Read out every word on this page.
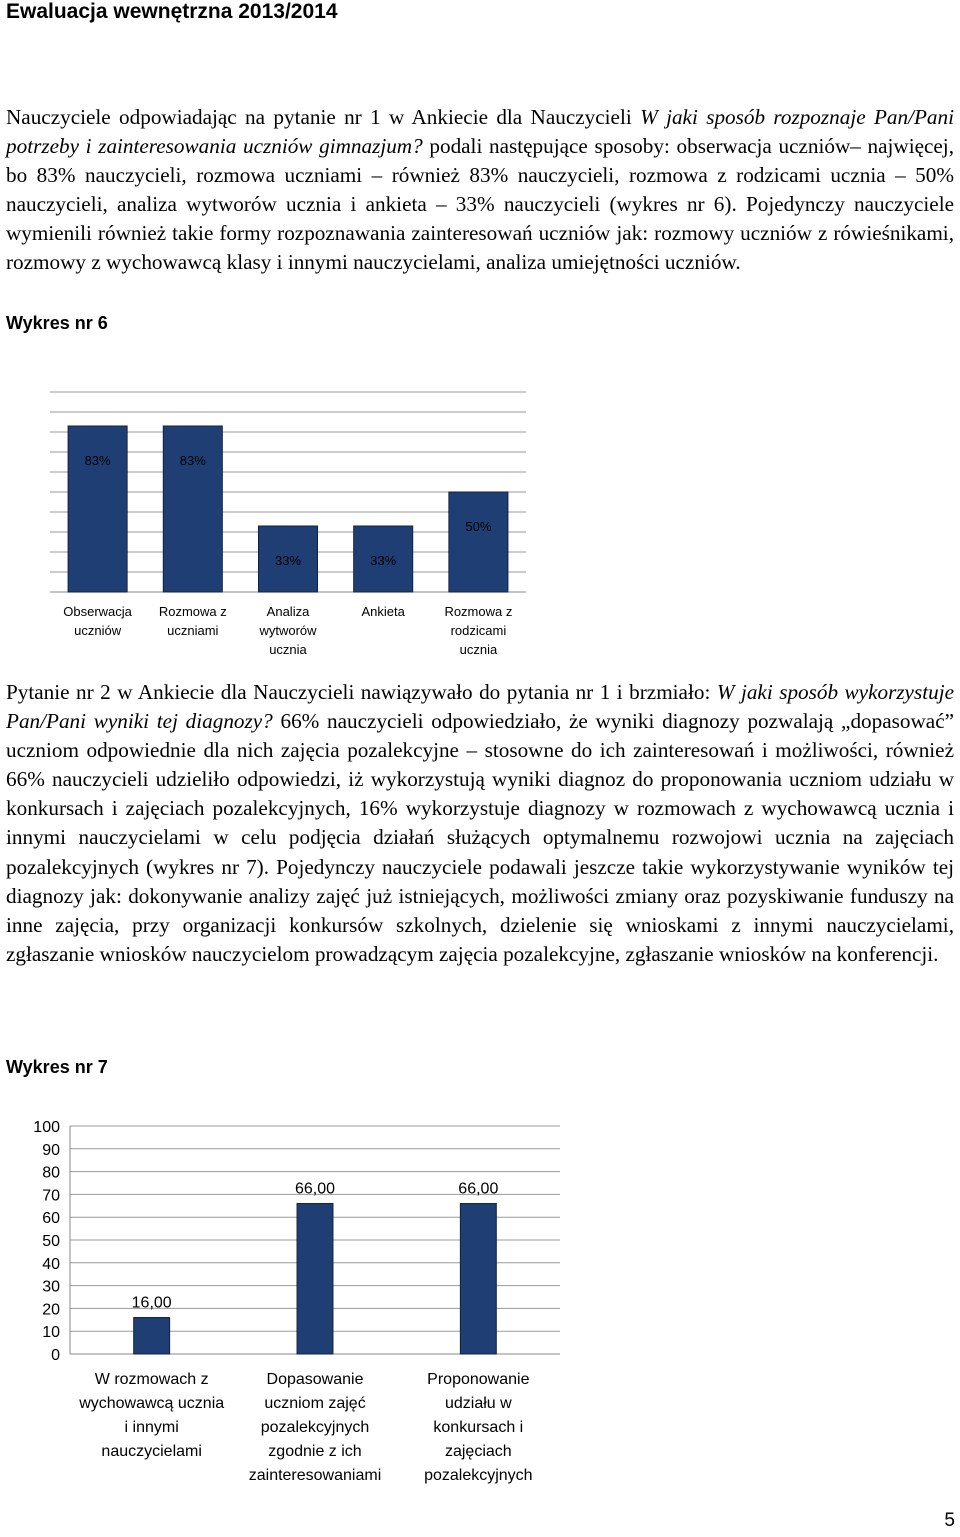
Ewaluacja wewnętrzna 2013/2014
Nauczyciele odpowiadając na pytanie nr 1 w Ankiecie dla Nauczycieli W jaki sposób rozpoznaje Pan/Pani potrzeby i zainteresowania uczniów gimnazjum? podali następujące sposoby: obserwacja uczniów– najwięcej, bo 83% nauczycieli, rozmowa uczniami – również 83% nauczycieli, rozmowa z rodzicami ucznia – 50% nauczycieli, analiza wytworów ucznia i ankieta – 33% nauczycieli (wykres nr 6). Pojedynczy nauczyciele wymienili również takie formy rozpoznawania zainteresowań uczniów jak: rozmowy uczniów z rówieśnikami, rozmowy z wychowawcą klasy i innymi nauczycielami, analiza umiejętności uczniów.
Wykres nr 6
83%
Obserwacja
uczniów
83%
Rozmowa z
uczniami
33%
Analiza
wytworów
ucznia
33%
Ankieta
50%
Rozmowa z
rodzicami
ucznia
Pytanie nr 2 w Ankiecie dla Nauczycieli nawiązywało do pytania nr 1 i brzmiało: W jaki sposób wykorzystuje Pan/Pani wyniki tej diagnozy? 66% nauczycieli odpowiedziało, że wyniki diagnozy pozwalają „dopasować” uczniom odpowiednie dla nich zajęcia pozalekcyjne – stosowne do ich zainteresowań i możliwości, również 66% nauczycieli udzieliło odpowiedzi, iż wykorzystują wyniki diagnoz do proponowania uczniom udziału w konkursach i zajęciach pozalekcyjnych, 16% wykorzystuje diagnozy w rozmowach z wychowawcą ucznia i innymi nauczycielami w celu podjęcia działań służących optymalnemu rozwojowi ucznia na zajęciach pozalekcyjnych (wykres nr 7). Pojedynczy nauczyciele podawali jeszcze takie wykorzystywanie wyników tej diagnozy jak: dokonywanie analizy zajęć już istniejących, możliwości zmiany oraz pozyskiwanie funduszy na inne zajęcia, przy organizacji konkursów szkolnych, dzielenie się wnioskami z innymi nauczycielami, zgłaszanie wniosków nauczycielom prowadzącym zajęcia pozalekcyjne, zgłaszanie wniosków na konferencji.
Wykres nr 7
0
10
20
30
40
50
60
70
80
90
100
16,00
W rozmowach z
wychowawcą ucznia
i innymi
nauczycielami
66,00
Dopasowanie
uczniom zajęć
pozalekcyjnych
zgodnie z ich
zainteresowaniami
66,00
Proponowanie
udziału w
konkursach i
zajęciach
pozalekcyjnych
5
